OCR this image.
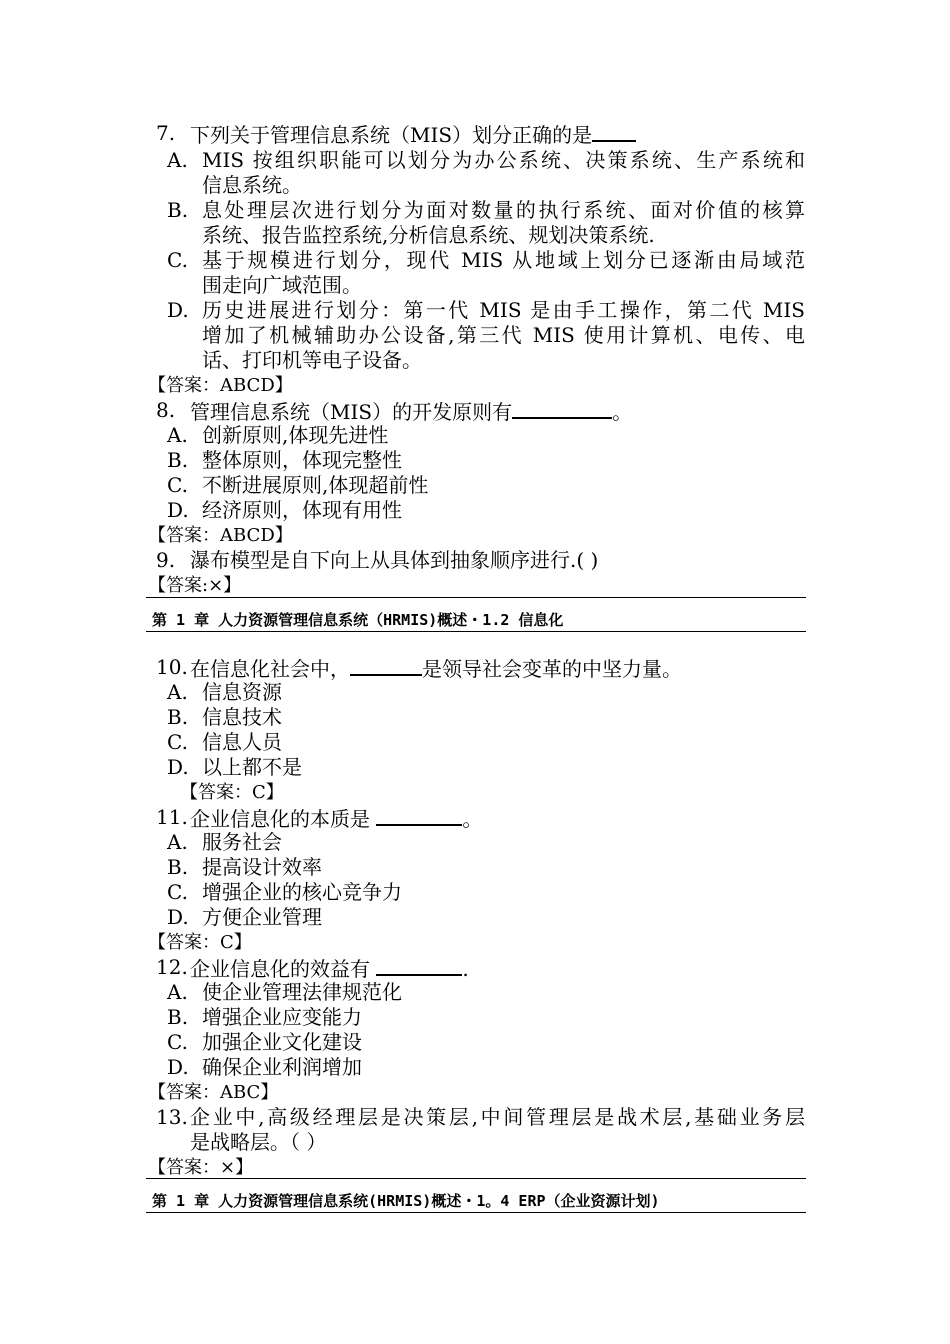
7. 下列关于管理信息系统（MIS）划分正确的是
A. MIS 按组织职能可以划分为办公系统、决策系统、生产系统和
信息系统。
B. 息处理层次进行划分为面对数量的执行系统、面对价值的核算
系统、报告监控系统,分析信息系统、规划决策系统.
C. 基于规模进行划分，现代 MIS 从地域上划分已逐渐由局域范
围走向广域范围。
D. 历史进展进行划分：第一代 MIS 是由手工操作，第二代 MIS
增加了机械辅助办公设备,第三代 MIS 使用计算机、电传、电
话、打印机等电子设备。
【答案：ABCD】
8. 管理信息系统（MIS）的开发原则有	。
A. 创新原则,体现先进性
B. 整体原则，体现完整性
C. 不断进展原则,体现超前性
D. 经济原则，体现有用性
【答案：ABCD】
9. 瀑布模型是自下向上从具体到抽象顺序进行.( )
【答案:×】
第 1 章 人力资源管理信息系统（HRMIS)概述・1.2 信息化
10. 在信息化社会中，	是领导社会变革的中坚力量。
A. 信息资源
B. 信息技术
C. 信息人员
D. 以上都不是
【答案：C】
11. 企业信息化的本质是	。
A. 服务社会
B. 提高设计效率
C. 增强企业的核心竞争力
D. 方便企业管理
【答案：C】
12. 企业信息化的效益有	.
A. 使企业管理法律规范化
B. 增强企业应变能力
C. 加强企业文化建设
D. 确保企业利润增加
【答案：ABC】
13. 企业中,高级经理层是决策层,中间管理层是战术层,基础业务层
是战略层。（ ）
【答案：×】
第 1 章 人力资源管理信息系统(HRMIS)概述・1。4 ERP（企业资源计划)
